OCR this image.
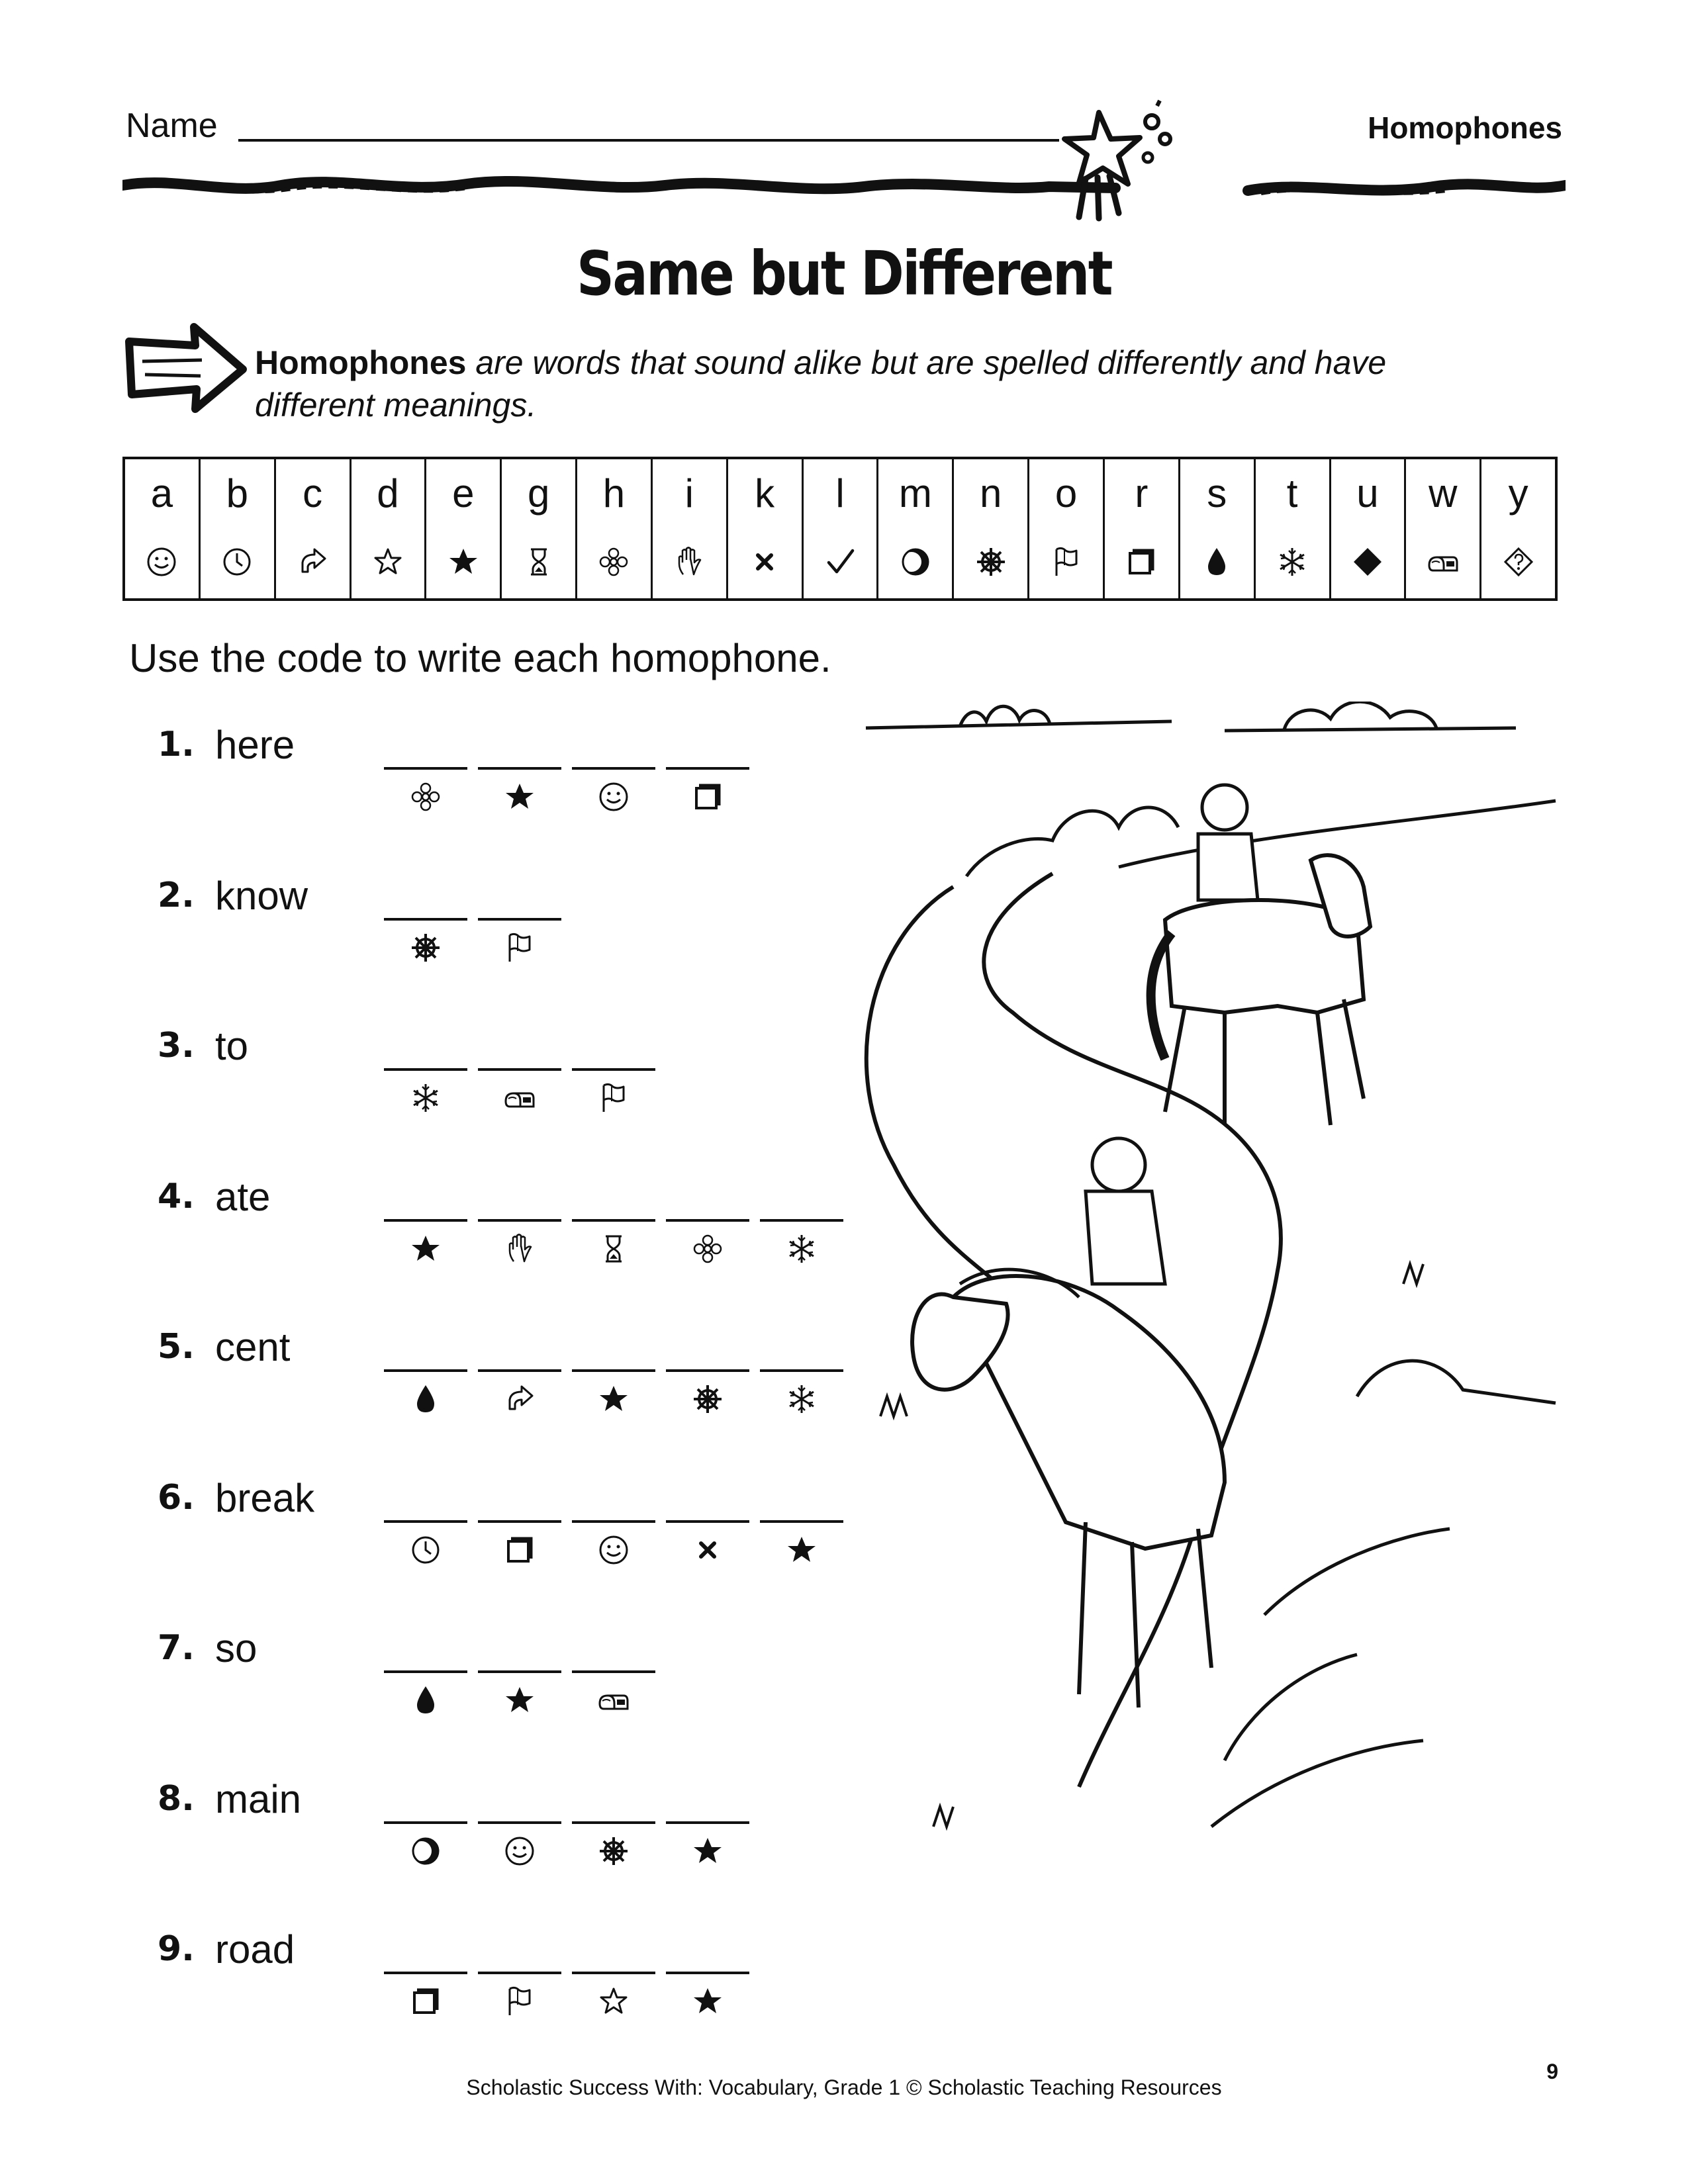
Name	Homophones
Same but Different
Homophones are words that sound alike but are spelled differently and have different meanings.
a b c d e g h i k l m n o r s t u w y
Use the code to write each homophone.
1. here
2. know
3. to
4. ate
5. cent
6. break
7. so
8. main
9. road
Scholastic Success With: Vocabulary, Grade 1 © Scholastic Teaching Resources
9
